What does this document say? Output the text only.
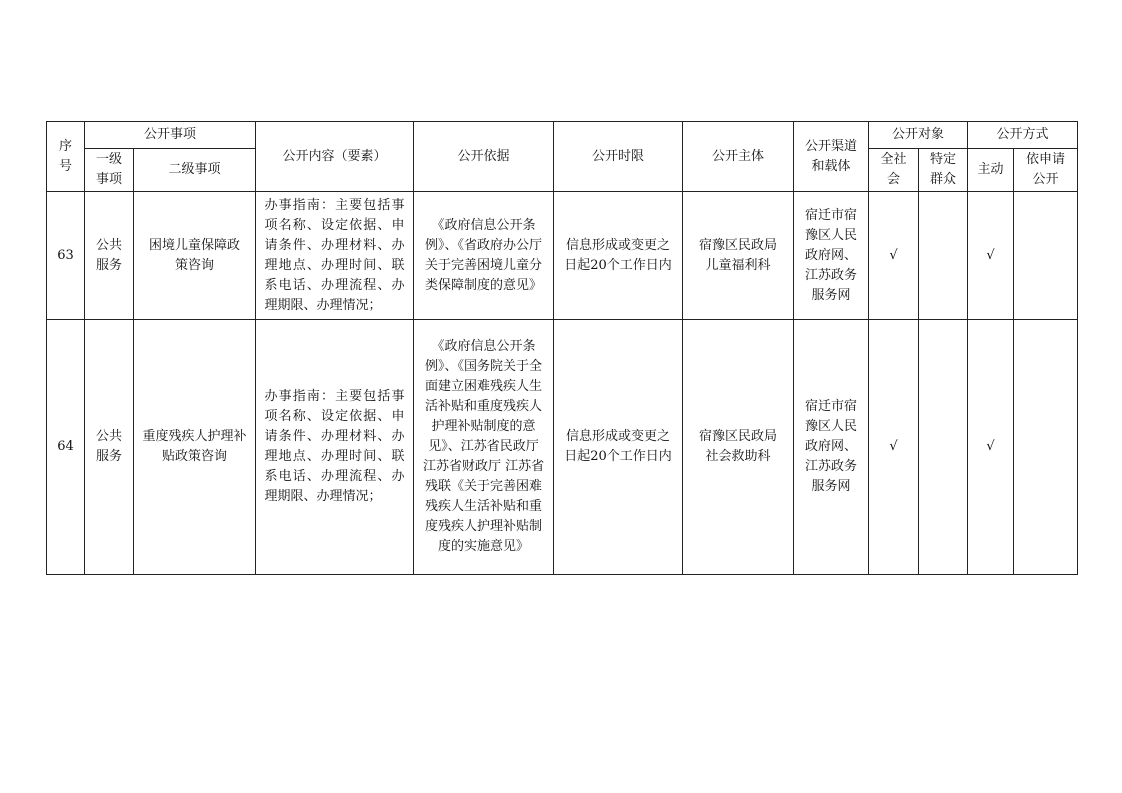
序号	公开事项		公开内容（要素）	公开依据	公开时限	公开主体	公开渠道和载体	公开对象		公开方式	

	一级事项	二级事项						全社会	特定群众	主动	依申请公开

63	公共服务	困境儿童保障政策咨询	办事指南：主要包括事项名称、设定依据、申请条件、办理材料、办理地点、办理时间、联系电话、办理流程、办理期限、办理情况；	《政府信息公开条例》、《省政府办公厅关于完善困境儿童分类保障制度的意见》	信息形成或变更之日起20个工作日内	宿豫区民政局儿童福利科	宿迁市宿豫区人民政府网、江苏政务服务网	√		√	
64	公共服务	重度残疾人护理补贴政策咨询	办事指南：主要包括事项名称、设定依据、申请条件、办理材料、办理地点、办理时间、联系电话、办理流程、办理期限、办理情况；	《政府信息公开条例》、《国务院关于全面建立困难残疾人生活补贴和重度残疾人护理补贴制度的意见》、江苏省民政厅 江苏省财政厅 江苏省残联《关于完善困难残疾人生活补贴和重度残疾人护理补贴制度的实施意见》	信息形成或变更之日起20个工作日内	宿豫区民政局社会救助科	宿迁市宿豫区人民政府网、江苏政务服务网	√		√	
